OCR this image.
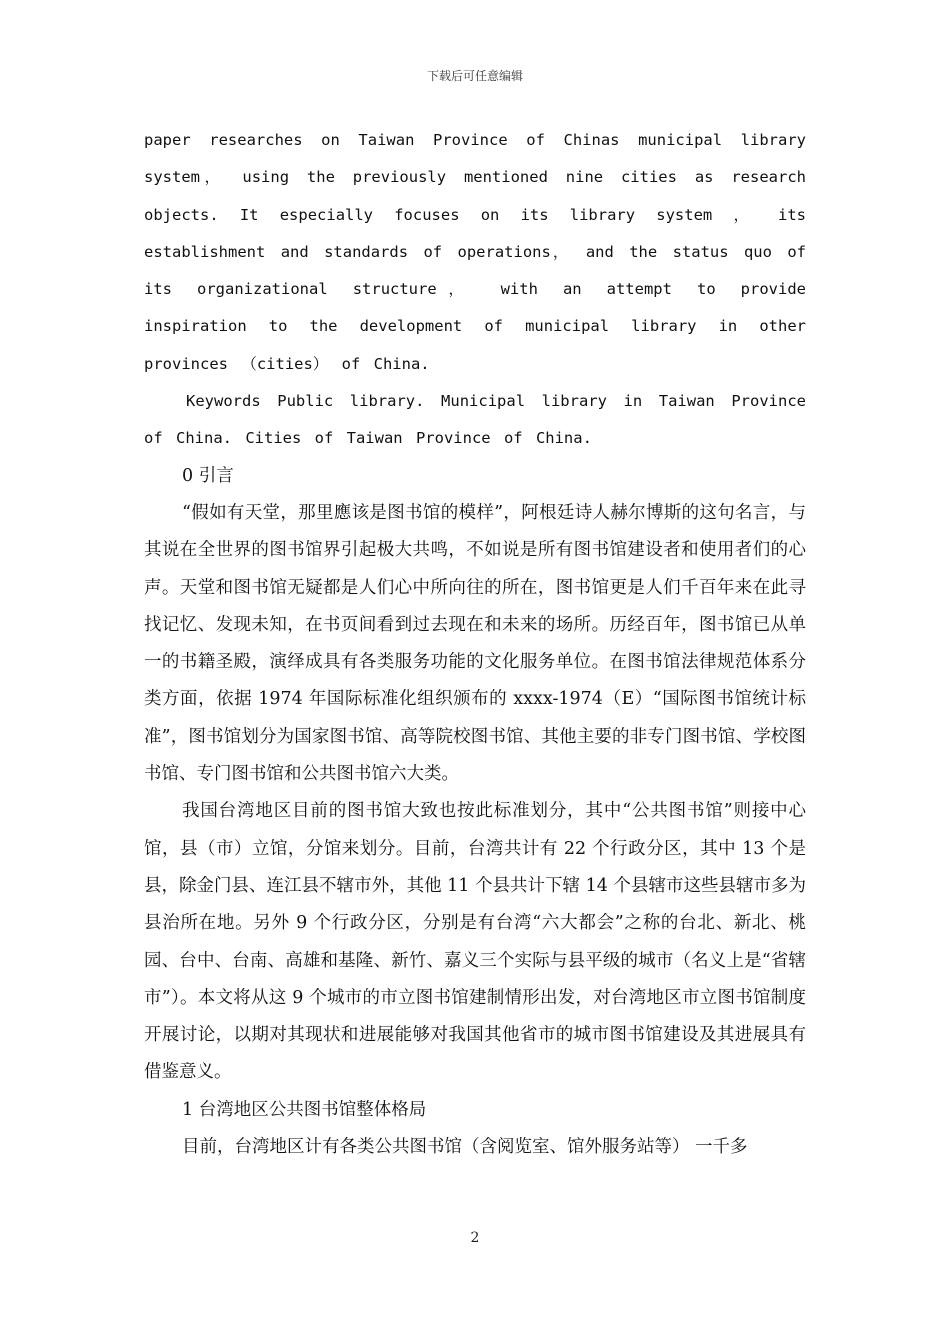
下载后可任意编辑

paper researches on Taiwan Province of Chinas municipal library system， using the previously mentioned nine cities as research objects. It especially focuses on its library system ， its establishment and standards of operations， and the status quo of its organizational structure， with an attempt to provide inspiration to the development of municipal library in other provinces （cities） of China.

Keywords Public library. Municipal library in Taiwan Province of China. Cities of Taiwan Province of China.

0 引言

“假如有天堂，那里應该是图书馆的模样”，阿根廷诗人赫尔博斯的这句名言，与其说在全世界的图书馆界引起极大共鸣，不如说是所有图书馆建设者和使用者们的心声。天堂和图书馆无疑都是人们心中所向往的所在，图书馆更是人们千百年来在此寻找记忆、发现未知，在书页间看到过去现在和未来的场所。历经百年，图书馆已从单一的书籍圣殿，演绎成具有各类服务功能的文化服务单位。在图书馆法律规范体系分类方面，依据 1974 年国际标准化组织颁布的 xxxx-1974（E）“国际图书馆统计标准”，图书馆划分为国家图书馆、高等院校图书馆、其他主要的非专门图书馆、学校图书馆、专门图书馆和公共图书馆六大类。

我国台湾地区目前的图书馆大致也按此标准划分，其中“公共图书馆”则接中心馆，县（市）立馆，分馆来划分。目前，台湾共计有 22 个行政分区，其中 13 个是县，除金门县、连江县不辖市外，其他 11 个县共计下辖 14 个县辖市这些县辖市多为县治所在地。另外 9 个行政分区，分别是有台湾“六大都会”之称的台北、新北、桃园、台中、台南、高雄和基隆、新竹、嘉义三个实际与县平级的城市（名义上是“省辖市”）。本文将从这 9 个城市的市立图书馆建制情形出发，对台湾地区市立图书馆制度开展讨论，以期对其现状和进展能够对我国其他省市的城市图书馆建设及其进展具有借鉴意义。

1 台湾地区公共图书馆整体格局

目前，台湾地区计有各类公共图书馆（含阅览室、馆外服务站等） 一千多

2
